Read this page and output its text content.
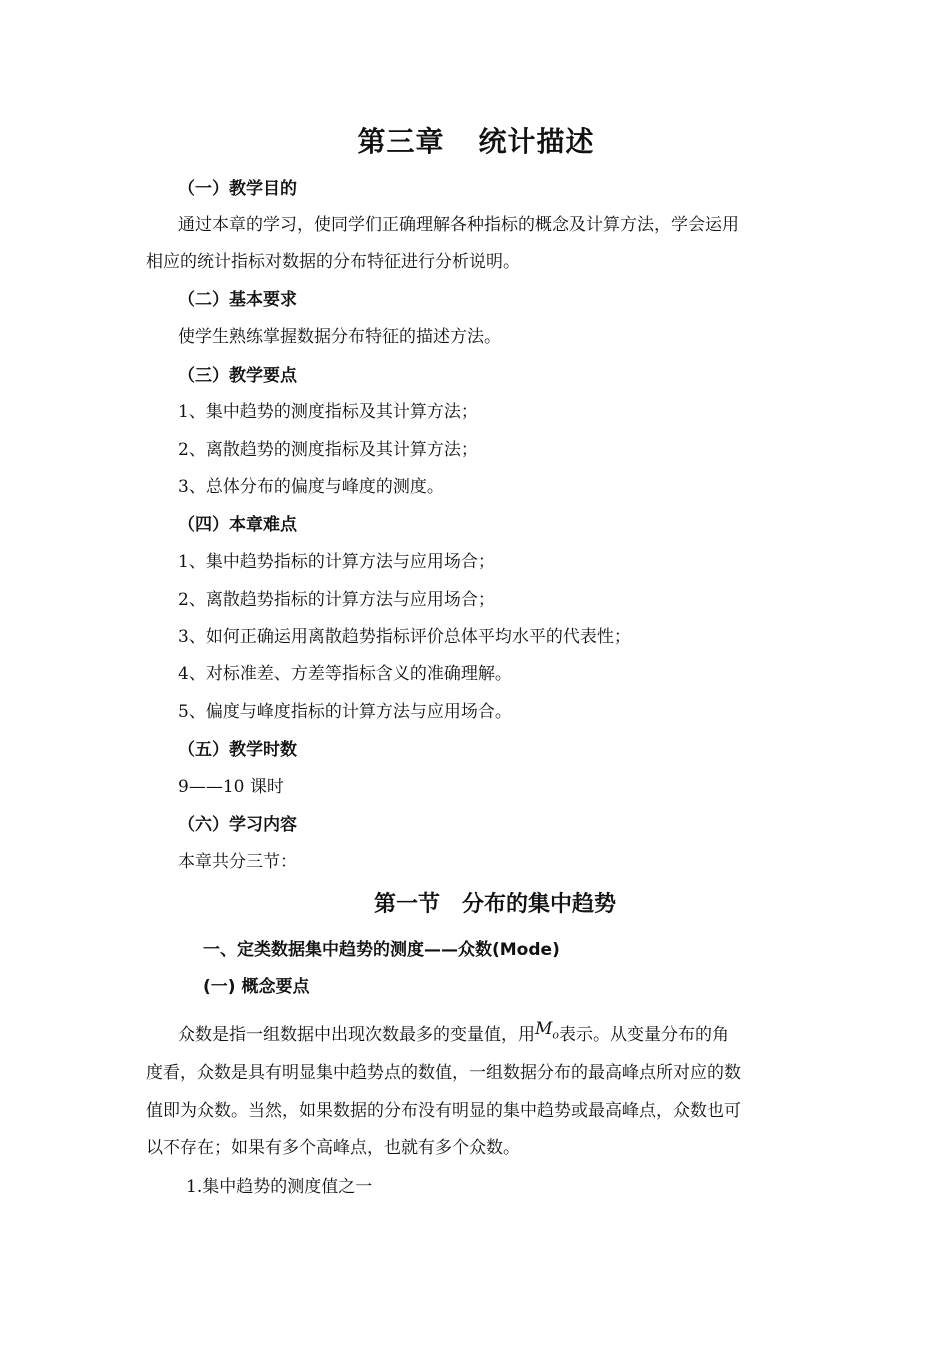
第三章 统计描述
（一）教学目的
通过本章的学习，使同学们正确理解各种指标的概念及计算方法，学会运用
相应的统计指标对数据的分布特征进行分析说明。
（二）基本要求
使学生熟练掌握数据分布特征的描述方法。
（三）教学要点
1、集中趋势的测度指标及其计算方法；
2、离散趋势的测度指标及其计算方法；
3、总体分布的偏度与峰度的测度。
（四）本章难点
1、集中趋势指标的计算方法与应用场合；
2、离散趋势指标的计算方法与应用场合；
3、如何正确运用离散趋势指标评价总体平均水平的代表性；
4、对标准差、方差等指标含义的准确理解。
5、偏度与峰度指标的计算方法与应用场合。
（五）教学时数
9——10 课时
（六）学习内容
本章共分三节：
第一节 分布的集中趋势
一、定类数据集中趋势的测度——众数(Mode)
(一) 概念要点
众数是指一组数据中出现次数最多的变量值，用$M_o$表示。从变量分布的角
度看，众数是具有明显集中趋势点的数值，一组数据分布的最高峰点所对应的数
值即为众数。当然，如果数据的分布没有明显的集中趋势或最高峰点，众数也可
以不存在；如果有多个高峰点，也就有多个众数。
1.集中趋势的测度值之一
